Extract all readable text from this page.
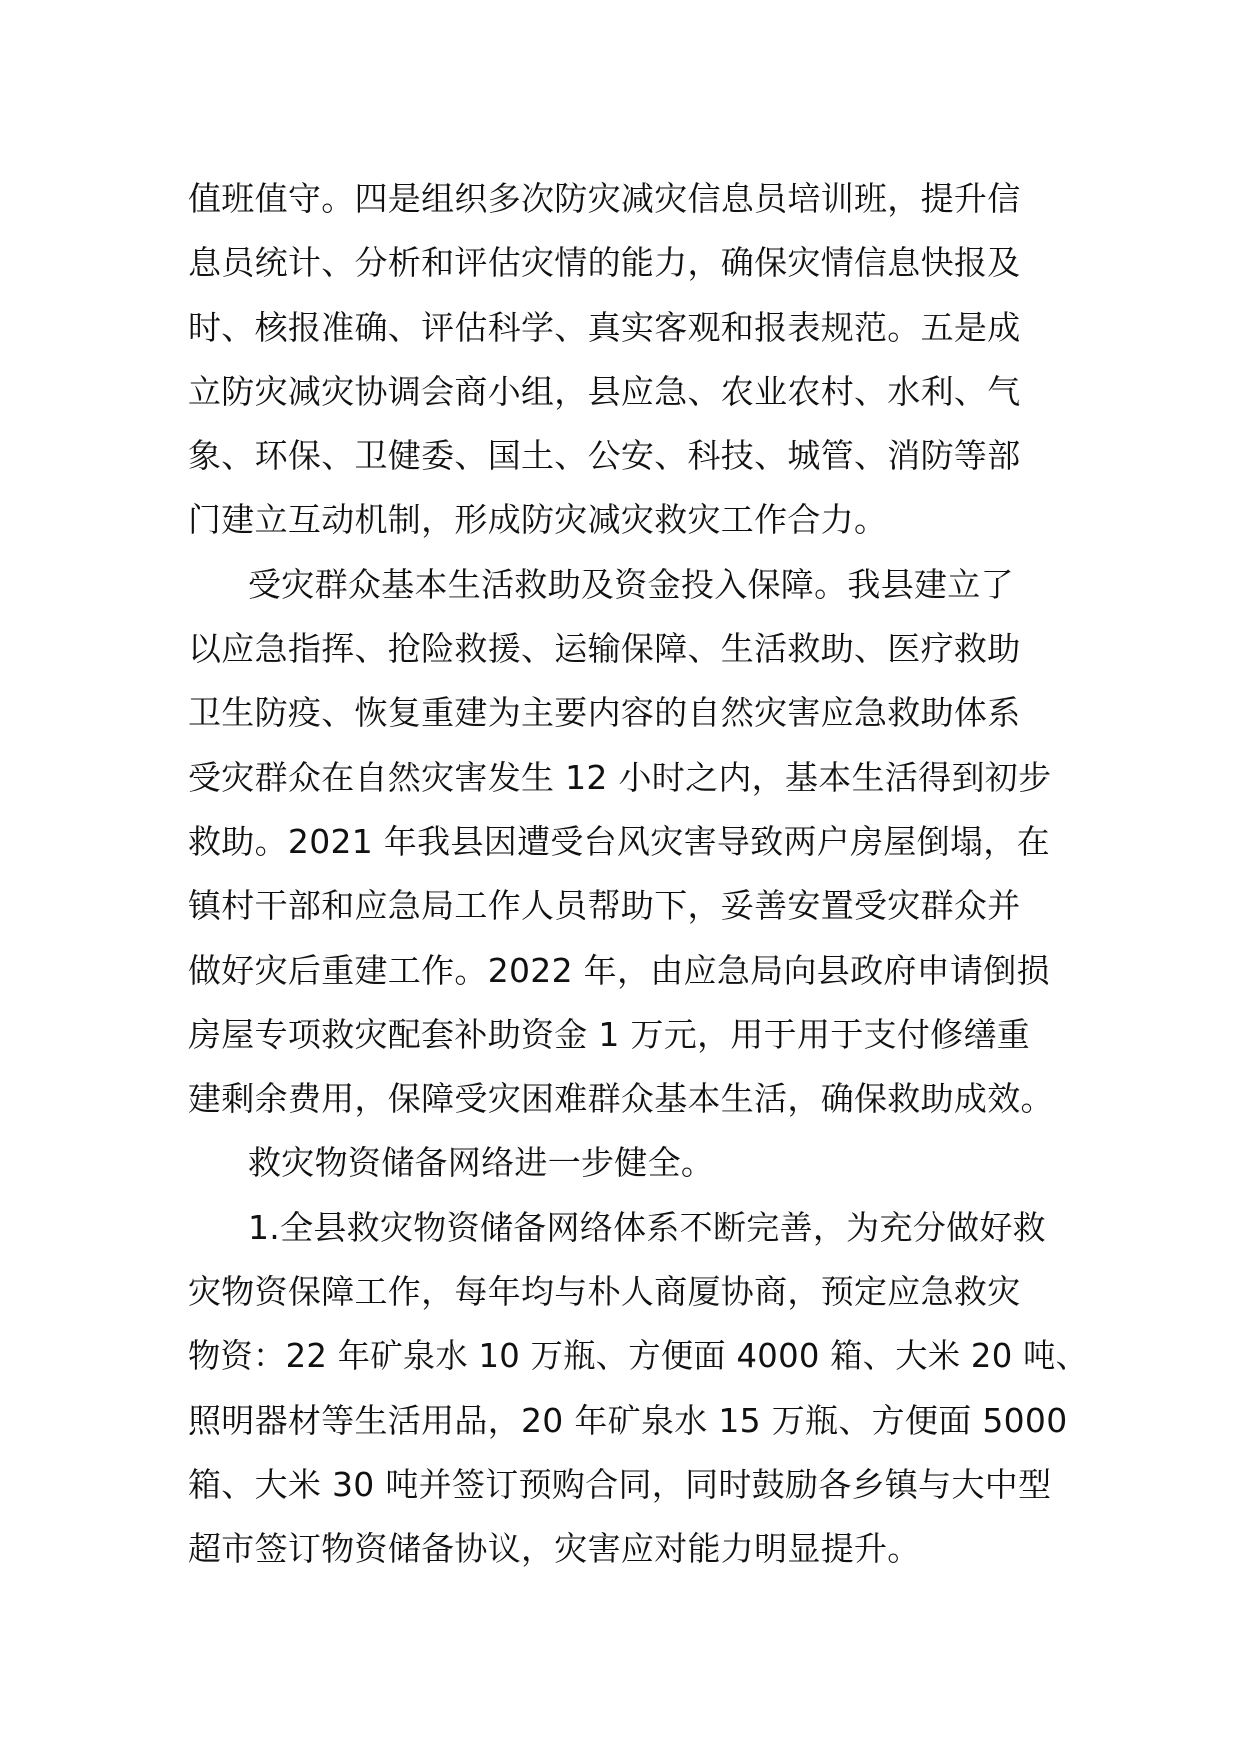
值班值守。四是组织多次防灾减灾信息员培训班，提升信
息员统计、分析和评估灾情的能力，确保灾情信息快报及
时、核报准确、评估科学、真实客观和报表规范。五是成
立防灾减灾协调会商小组，县应急、农业农村、水利、气
象、环保、卫健委、国土、公安、科技、城管、消防等部
门建立互动机制，形成防灾减灾救灾工作合力。
受灾群众基本生活救助及资金投入保障。我县建立了
以应急指挥、抢险救援、运输保障、生活救助、医疗救助
卫生防疫、恢复重建为主要内容的自然灾害应急救助体系
受灾群众在自然灾害发生 12 小时之内，基本生活得到初步
救助。2021 年我县因遭受台风灾害导致两户房屋倒塌，在
镇村干部和应急局工作人员帮助下，妥善安置受灾群众并
做好灾后重建工作。2022 年，由应急局向县政府申请倒损
房屋专项救灾配套补助资金 1 万元，用于用于支付修缮重
建剩余费用，保障受灾困难群众基本生活，确保救助成效。
救灾物资储备网络进一步健全。
1.全县救灾物资储备网络体系不断完善，为充分做好救
灾物资保障工作，每年均与朴人商厦协商，预定应急救灾
物资：22 年矿泉水 10 万瓶、方便面 4000 箱、大米 20 吨、
照明器材等生活用品，20 年矿泉水 15 万瓶、方便面 5000
箱、大米 30 吨并签订预购合同，同时鼓励各乡镇与大中型
超市签订物资储备协议，灾害应对能力明显提升。
